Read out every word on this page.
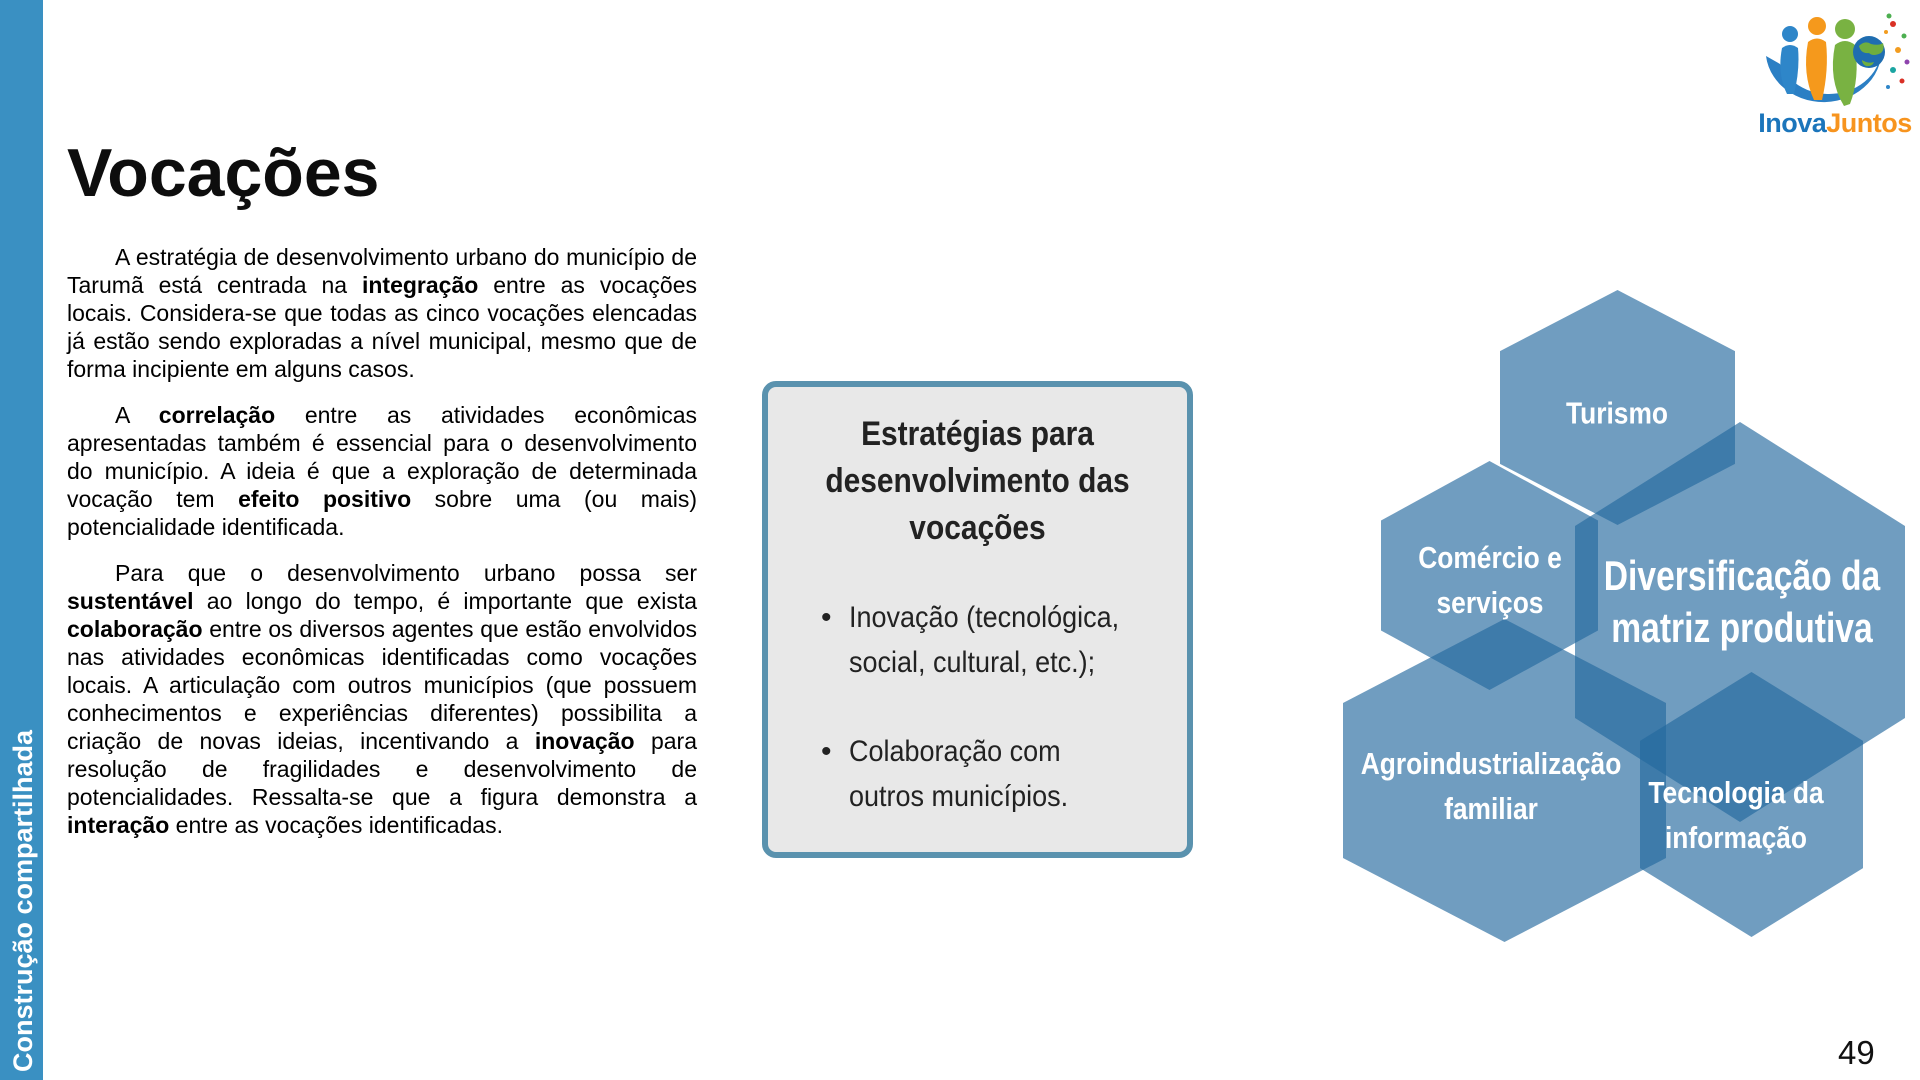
Construção compartilhada
Vocações

A estratégia de desenvolvimento urbano do município de Tarumã está centrada na integração entre as vocações locais. Considera-se que todas as cinco vocações elencadas já estão sendo exploradas a nível municipal, mesmo que de forma incipiente em alguns casos.

A correlação entre as atividades econômicas apresentadas também é essencial para o desenvolvimento do município. A ideia é que a exploração de determinada vocação tem efeito positivo sobre uma (ou mais) potencialidade identificada.

Para que o desenvolvimento urbano possa ser sustentável ao longo do tempo, é importante que exista colaboração entre os diversos agentes que estão envolvidos nas atividades econômicas identificadas como vocações locais. A articulação com outros municípios (que possuem conhecimentos e experiências diferentes) possibilita a criação de novas ideias, incentivando a inovação para resolução de fragilidades e desenvolvimento de potencialidades. Ressalta-se que a figura demonstra a interação entre as vocações identificadas.

Estratégias para desenvolvimento das vocações
• Inovação (tecnológica, social, cultural, etc.);
• Colaboração com outros municípios.
Turismo
Comércio e
serviços
Diversificação da
matriz produtiva
Agroindustrialização
familiar	Tecnologia da
informação
InovaJuntos
49
